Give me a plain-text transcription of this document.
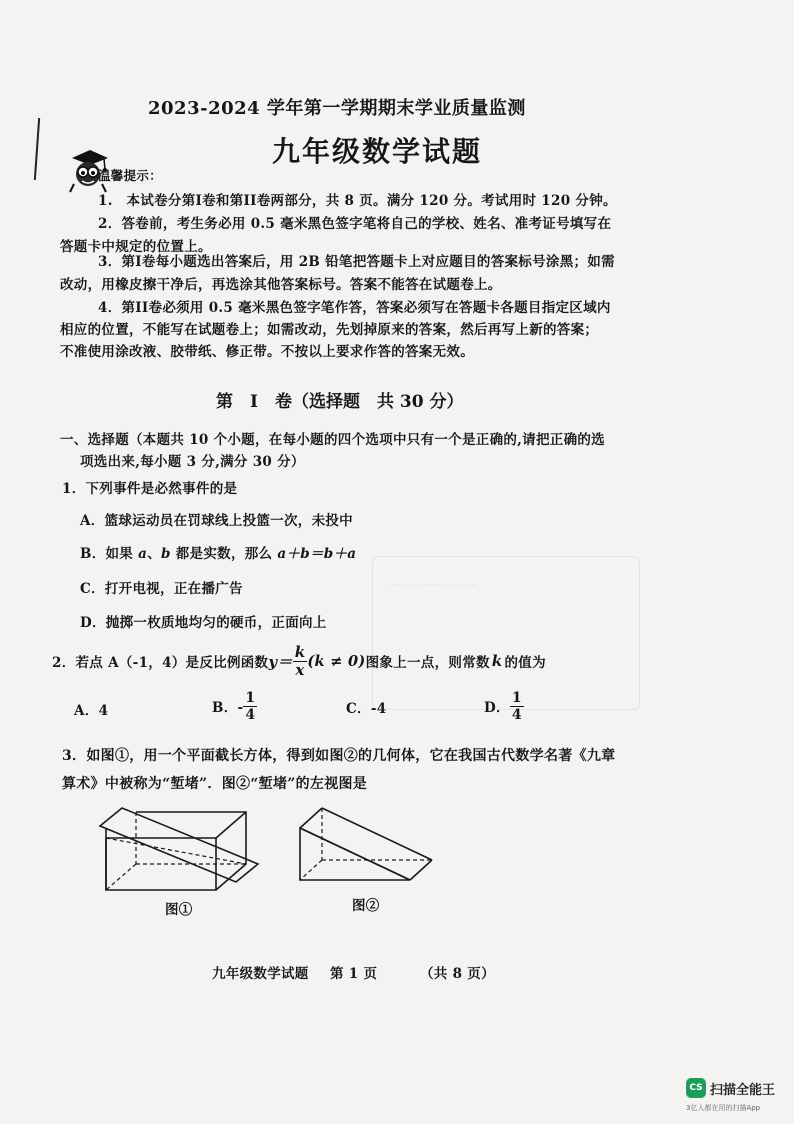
……………………
2023-2024 学年第一学期期末学业质量监测
九年级数学试题
温馨提示：
1.　本试卷分第I卷和第II卷两部分，共 8 页。满分 120 分。考试用时 120 分钟。
2．答卷前，考生务必用 0.5 毫米黑色签字笔将自己的学校、姓名、准考证号填写在
答题卡中规定的位置上。
3．第I卷每小题选出答案后，用 2B 铅笔把答题卡上对应题目的答案标号涂黑；如需
改动，用橡皮擦干净后，再选涂其他答案标号。答案不能答在试题卷上。
4．第II卷必须用 0.5 毫米黑色签字笔作答，答案必须写在答题卡各题目指定区域内
相应的位置，不能写在试题卷上；如需改动，先划掉原来的答案，然后再写上新的答案；
不准使用涂改液、胶带纸、修正带。不按以上要求作答的答案无效。
第　I　卷（选择题　共 30 分）
一、选择题（本题共 10 个小题，在每小题的四个选项中只有一个是正确的,请把正确的选
项选出来,每小题 3 分,满分 30 分）
1．下列事件是必然事件的是
A．篮球运动员在罚球线上投篮一次，未投中
B．如果 a、b 都是实数，那么 a＋b＝b＋a
C．打开电视，正在播广告
D．抛掷一枚质地均匀的硬币，正面向上
2．若点 A（-1，4）是反比例函数 $y= \frac{k}{x} (k \ne 0)$ 图象上一点，则常数 k 的值为
A．4	B．- $\frac{1}{4}$	C．-4	D． $\frac{1}{4}$
3．如图①，用一个平面截长方体，得到如图②的几何体，它在我国古代数学名著《九章
算术》中被称为“堑堵”．图②“堑堵”的左视图是
图①	图②
九年级数学试题 第 1 页	（共 8 页）
CS 扫描全能王
3亿人都在用的扫描App
